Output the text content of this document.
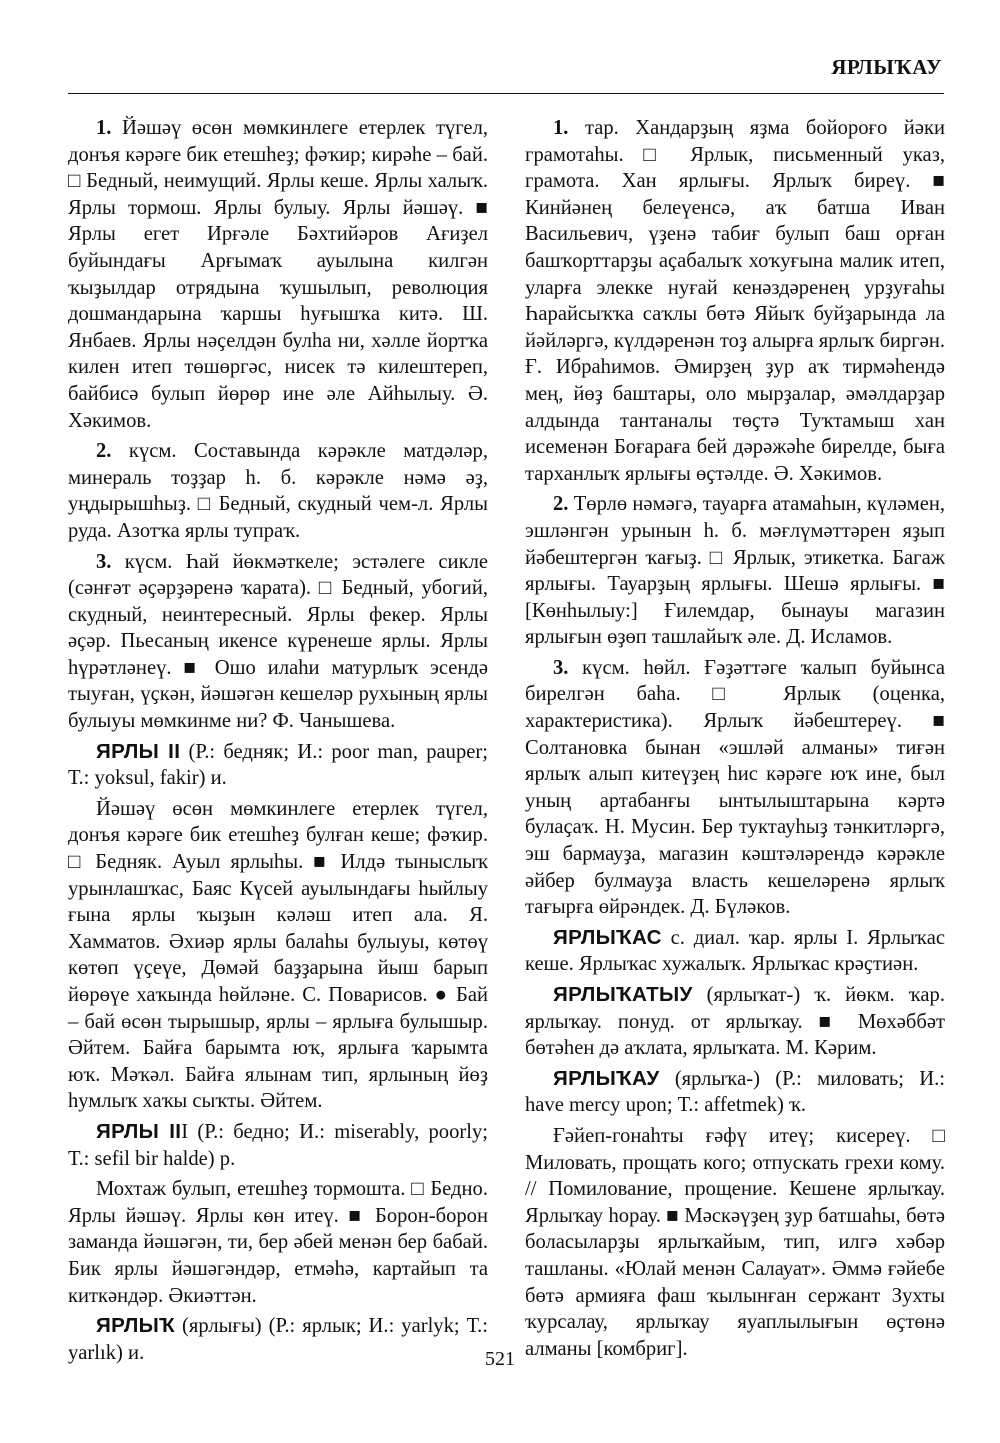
ЯРЛЫҠАУ

1. Йәшәү өсөн мөмкинлеге етерлек түгел, донъя кәрәге бик етешһеҙ; фәҡир; кирәһе – бай. □ Бедный, неимущий. Ярлы кеше. Ярлы халыҡ. Ярлы тормош. Ярлы булыу. Ярлы йәшәү. ■ Ярлы егет Ирғәле Бәхтийәров Ағиҙел буйындағы Арғымаҡ ауылына килгән ҡыҙылдар отрядына ҡушылып, революция дошмандарына ҡаршы һуғышҡа китә. Ш. Янбаев. Ярлы нәҫелдән булһа ни, хәлле йортҡа килен итеп төшөргәс, нисек тә килештереп, байбисә булып йөрөр ине әле Айһылыу. Ә. Хәкимов.

2. күсм. Составында кәрәкле матдәләр, минераль тоҙҙар һ. б. кәрәкле нәмә әҙ, уңдырышһыҙ. □ Бедный, скудный чем-л. Ярлы руда. Азотҡа ярлы тупраҡ.

3. күсм. Һай йөкмәткеле; эстәлеге сикле (сәнғәт әҫәрҙәренә ҡарата). □ Бедный, убогий, скудный, неинтересный. Ярлы фекер. Ярлы әҫәр. Пьесаның икенсе күренеше ярлы. Ярлы һүрәтләнеү. ■ Ошо илаһи матурлыҡ эсендә тыуған, үҫкән, йәшәгән кешеләр рухының ярлы булыуы мөмкинме ни? Ф. Чанышева.

ЯРЛЫ II (Р.: бедняк; И.: poor man, pauper; Т.: yoksul, fakir) и.

Йәшәү өсөн мөмкинлеге етерлек түгел, донъя кәрәге бик етешһеҙ булған кеше; фәҡир. □ Бедняк. Ауыл ярлыһы. ■ Илдә тыныслыҡ урынлашҡас, Баяс Күсей ауылындағы һыйлыу ғына ярлы ҡыҙын кәләш итеп ала. Я. Хамматов. Әхиәр ярлы балаһы булыуы, көтөү көтөп үҫеүе, Дөмәй баҙҙарына йыш барып йөрөүе хаҡында һөйләне. С. Поварисов. ● Бай – бай өсөн тырышыр, ярлы – ярлыға булышыр. Әйтем. Байға барымта юҡ, ярлыға ҡарымта юҡ. Мәҡәл. Байға ялынам тип, ярлының йөҙ һумлыҡ хаҡы сыҡты. Әйтем.

ЯРЛЫ III (Р.: бедно; И.: miserably, poorly; Т.: sefil bir halde) р.

Мохтаж булып, етешһеҙ тормошта. □ Бедно. Ярлы йәшәү. Ярлы көн итеү. ■ Борон-борон заманда йәшәгән, ти, бер әбей менән бер бабай. Бик ярлы йәшәгәндәр, етмәһә, картайып та киткәндәр. Әкиәттән.

ЯРЛЫҠ (ярлығы) (Р.: ярлык; И.: yarlyk; Т.: yarlık) и.

1. тар. Хандарҙың яҙма бойороғо йәки грамотаһы. □ Ярлык, письменный указ, грамота. Хан ярлығы. Ярлыҡ биреү. ■ Кинйәнең белеүенсә, аҡ батша Иван Васильевич, үҙенә табиғ булып баш орған башҡорттарҙы аҫабалыҡ хоҡуғына малик итеп, уларға элекке нуғай кенәздәренең урҙуғаһы Һарайсыҡҡа саҡлы бөтә Яйыҡ буйҙарында ла йәйләргә, күлдәренән тоҙ алырға ярлыҡ биргән. Ғ. Ибраһимов. Әмирҙең ҙур аҡ тирмәһендә мең, йөҙ баштары, оло мырҙалар, әмәлдарҙар алдында тантаналы төҫтә Туҡтамыш хан исеменән Боғараға бей дәрәжәһе бирелде, быға тарханлыҡ ярлығы өҫтәлде. Ә. Хәкимов.

2. Төрлө нәмәгә, тауарға атамаһын, күләмен, эшләнгән урынын һ. б. мәғлүмәттәрен яҙып йәбештергән ҡағыҙ. □ Ярлык, этикетка. Багаж ярлығы. Тауарҙың ярлығы. Шешә ярлығы. ■ [Көнһылыу:] Ғилемдар, бынауы магазин ярлығын өҙөп ташлайыҡ әле. Д. Исламов.

3. күсм. һөйл. Ғәҙәттәге ҡалып буйынса бирелгән баһа. □ Ярлык (оценка, характеристика). Ярлыҡ йәбештереү. ■ Солтановка бынан «эшләй алманы» тиғән ярлыҡ алып китеүҙең һис кәрәге юҡ ине, был уның артабанғы ынтылыштарына кәртә булаҫаҡ. Н. Мусин. Бер туктауһыҙ тәнкитләргә, эш бармауҙа, магазин кәштәләрендә кәрәкле әйбер булмауҙа власть кешеләренә ярлыҡ тағырға өйрәндек. Д. Бүләков.

ЯРЛЫҠАС с. диал. ҡар. ярлы I. Ярлыҡас кеше. Ярлыҡас хужалыҡ. Ярлыҡас крәҫтиән.

ЯРЛЫҠАТЫУ (ярлыҡат-) ҡ. йөкм. ҡар. ярлыҡау. понуд. от ярлыҡау. ■ Мөхәббәт бөтәһен дә аҡлата, ярлыҡата. М. Кәрим.

ЯРЛЫҠАУ (ярлыҡа-) (Р.: миловать; И.: have mercy upon; Т.: affetmek) ҡ.

Ғәйеп-гонаһты ғәфү итеү; кисереү. □ Миловать, прощать кого; отпускать грехи кому. // Помилование, прощение. Кешене ярлыҡау. Ярлыҡау һорау. ■ Мәскәүҙең ҙур батшаһы, бөтә боласыларҙы ярлыҡайым, тип, илгә хәбәр ташланы. «Юлай менән Салауат». Әммә ғәйебе бөтә армияға фаш ҡылынған сержант Зухты ҡурсалау, ярлыҡау яуаплылығын өҫтөнә алманы [комбриг].

521
